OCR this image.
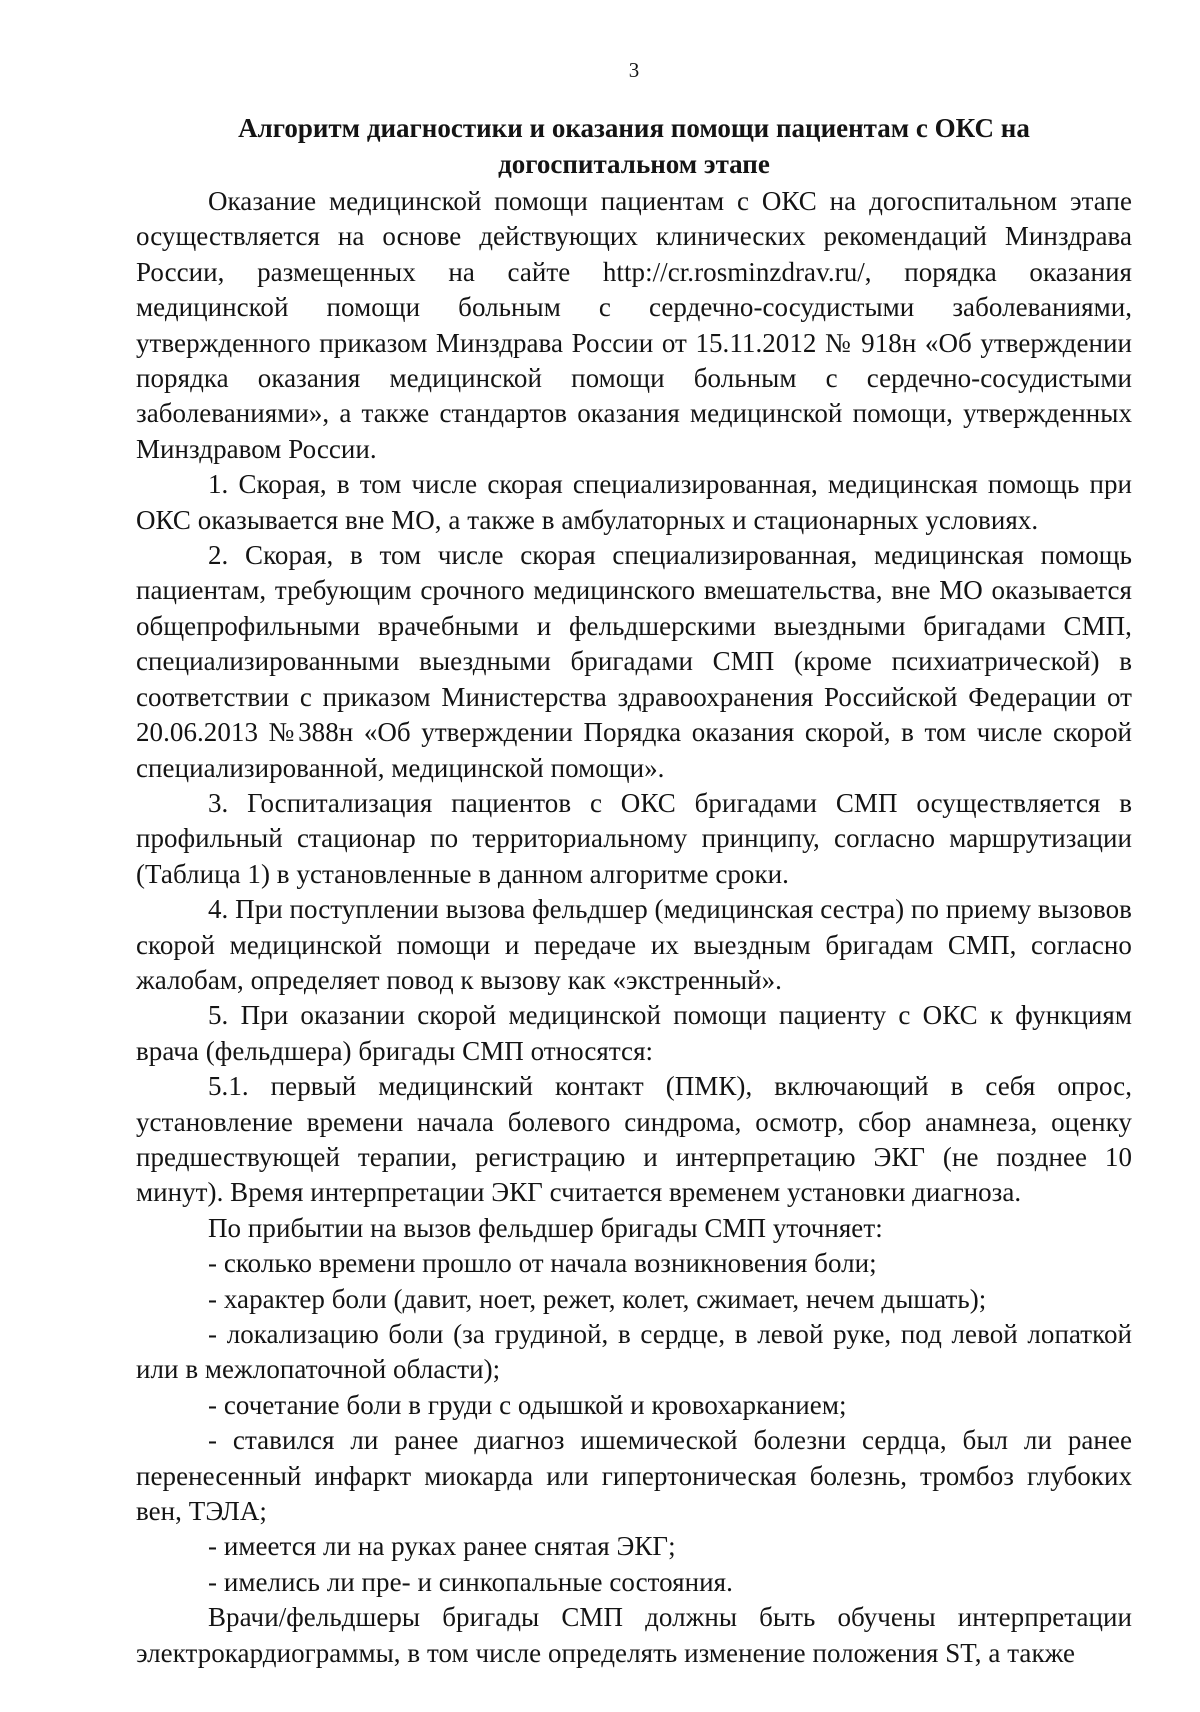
3
Алгоритм диагностики и оказания помощи пациентам с ОКС на догоспитальном этапе

Оказание медицинской помощи пациентам с ОКС на догоспитальном этапе осуществляется на основе действующих клинических рекомендаций Минздрава России, размещенных на сайте http://cr.rosminzdrav.ru/, порядка оказания медицинской помощи больным с сердечно-сосудистыми заболеваниями, утвержденного приказом Минздрава России от 15.11.2012 № 918н «Об утверждении порядка оказания медицинской помощи больным с сердечно-сосудистыми заболеваниями», а также стандартов оказания медицинской помощи, утвержденных Минздравом России.

1. Скорая, в том числе скорая специализированная, медицинская помощь при ОКС оказывается вне МО, а также в амбулаторных и стационарных условиях.

2. Скорая, в том числе скорая специализированная, медицинская помощь пациентам, требующим срочного медицинского вмешательства, вне МО оказывается общепрофильными врачебными и фельдшерскими выездными бригадами СМП, специализированными выездными бригадами СМП (кроме психиатрической) в соответствии с приказом Министерства здравоохранения Российской Федерации от 20.06.2013 №388н «Об утверждении Порядка оказания скорой, в том числе скорой специализированной, медицинской помощи».

3. Госпитализация пациентов с ОКС бригадами СМП осуществляется в профильный стационар по территориальному принципу, согласно маршрутизации (Таблица 1) в установленные в данном алгоритме сроки.

4. При поступлении вызова фельдшер (медицинская сестра) по приему вызовов скорой медицинской помощи и передаче их выездным бригадам СМП, согласно жалобам, определяет повод к вызову как «экстренный».

5. При оказании скорой медицинской помощи пациенту с ОКС к функциям врача (фельдшера) бригады СМП относятся:

5.1. первый медицинский контакт (ПМК), включающий в себя опрос, установление времени начала болевого синдрома, осмотр, сбор анамнеза, оценку предшествующей терапии, регистрацию и интерпретацию ЭКГ (не позднее 10 минут). Время интерпретации ЭКГ считается временем установки диагноза.

По прибытии на вызов фельдшер бригады СМП уточняет:

- сколько времени прошло от начала возникновения боли;

- характер боли (давит, ноет, режет, колет, сжимает, нечем дышать);

- локализацию боли (за грудиной, в сердце, в левой руке, под левой лопаткой или в межлопаточной области);

- сочетание боли в груди с одышкой и кровохарканием;

- ставился ли ранее диагноз ишемической болезни сердца, был ли ранее перенесенный инфаркт миокарда или гипертоническая болезнь, тромбоз глубоких вен, ТЭЛА;

- имеется ли на руках ранее снятая ЭКГ;

- имелись ли пре- и синкопальные состояния.

Врачи/фельдшеры бригады СМП должны быть обучены интерпретации электрокардиограммы, в том числе определять изменение положения ST, а также
